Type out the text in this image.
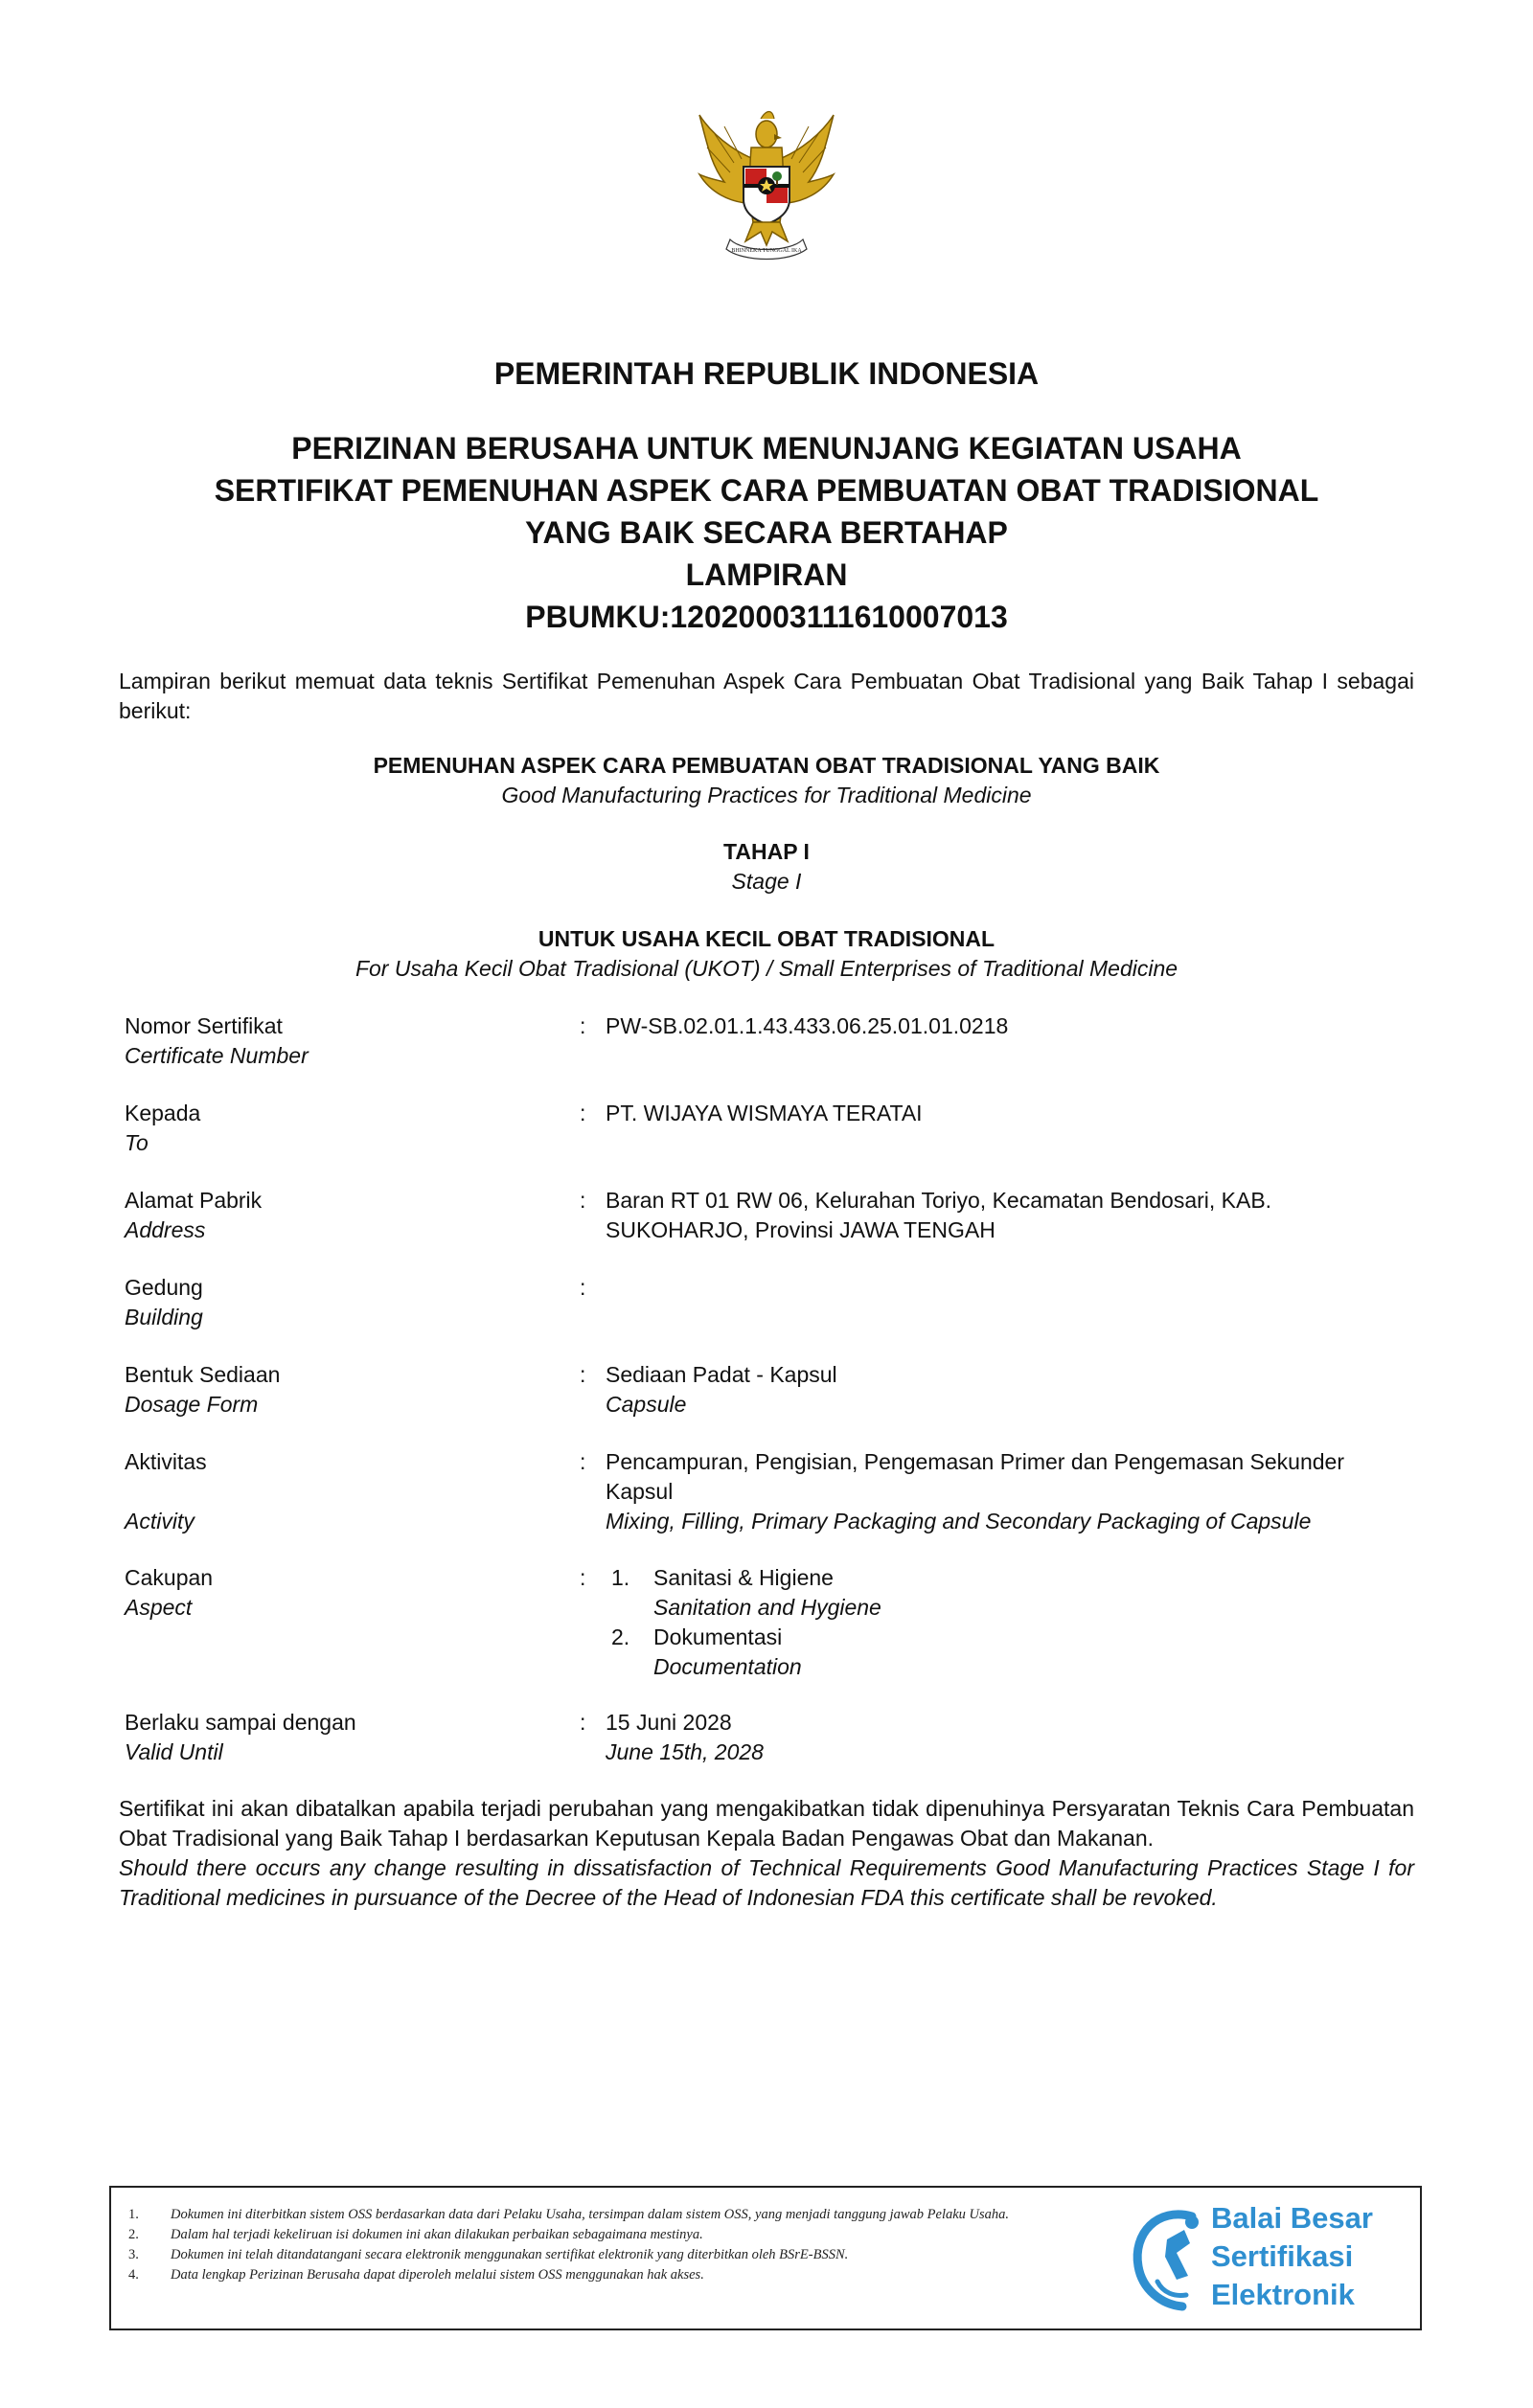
BHINNEKA TUNGGAL IKA
PEMERINTAH REPUBLIK INDONESIA
PERIZINAN BERUSAHA UNTUK MENUNJANG KEGIATAN USAHA
SERTIFIKAT PEMENUHAN ASPEK CARA PEMBUATAN OBAT TRADISIONAL
YANG BAIK SECARA BERTAHAP
LAMPIRAN
PBUMKU:12020003111610007013
Lampiran berikut memuat data teknis Sertifikat Pemenuhan Aspek Cara Pembuatan Obat Tradisional yang Baik Tahap I sebagai berikut:
PEMENUHAN ASPEK CARA PEMBUATAN OBAT TRADISIONAL YANG BAIK
Good Manufacturing Practices for Traditional Medicine
TAHAP I
Stage I
UNTUK USAHA KECIL OBAT TRADISIONAL
For Usaha Kecil Obat Tradisional (UKOT) / Small Enterprises of Traditional Medicine
Nomor Sertifikat
Certificate Number
: PW-SB.02.01.1.43.433.06.25.01.01.0218
Kepada
To
: PT. WIJAYA WISMAYA TERATAI
Alamat Pabrik
Address
: Baran RT 01 RW 06, Kelurahan Toriyo, Kecamatan Bendosari, KAB.
SUKOHARJO, Provinsi JAWA TENGAH
Gedung
Building
:
Bentuk Sediaan
Dosage Form
: Sediaan Padat - Kapsul
Capsule
Aktivitas
Activity
: Pencampuran, Pengisian, Pengemasan Primer dan Pengemasan Sekunder
Kapsul
Mixing, Filling, Primary Packaging and Secondary Packaging of Capsule
Cakupan
Aspect
: 1. Sanitasi & Higiene
Sanitation and Hygiene
2. Dokumentasi
Documentation
Berlaku sampai dengan
Valid Until
: 15 Juni 2028
June 15th, 2028
Sertifikat ini akan dibatalkan apabila terjadi perubahan yang mengakibatkan tidak dipenuhinya Persyaratan Teknis Cara Pembuatan Obat Tradisional yang Baik Tahap I berdasarkan Keputusan Kepala Badan Pengawas Obat dan Makanan.
Should there occurs any change resulting in dissatisfaction of Technical Requirements Good Manufacturing Practices Stage I for Traditional medicines in pursuance of the Decree of the Head of Indonesian FDA this certificate shall be revoked.
1. Dokumen ini diterbitkan sistem OSS berdasarkan data dari Pelaku Usaha, tersimpan dalam sistem OSS, yang menjadi tanggung jawab Pelaku Usaha.
2. Dalam hal terjadi kekeliruan isi dokumen ini akan dilakukan perbaikan sebagaimana mestinya.
3. Dokumen ini telah ditandatangani secara elektronik menggunakan sertifikat elektronik yang diterbitkan oleh BSrE-BSSN.
4. Data lengkap Perizinan Berusaha dapat diperoleh melalui sistem OSS menggunakan hak akses.
Balai Besar
Sertifikasi
Elektronik
